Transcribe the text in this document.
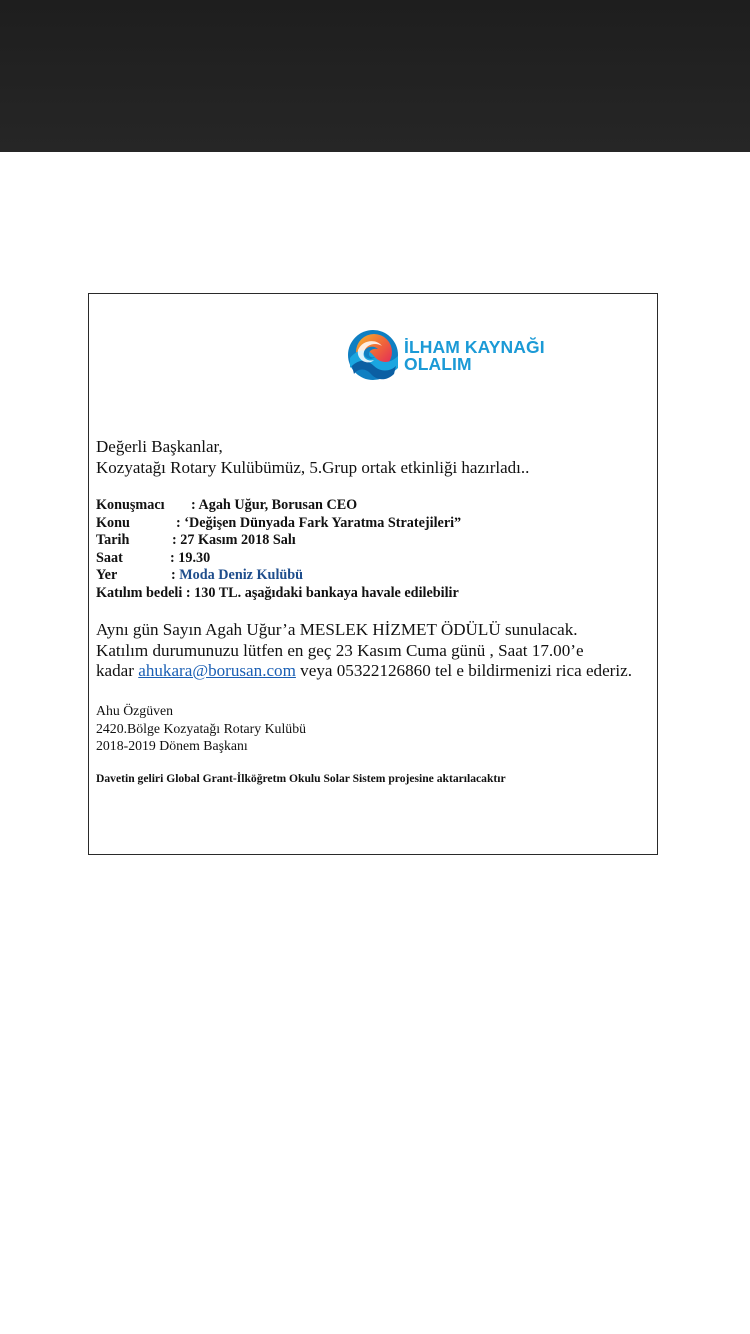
İLHAM KAYNAĞI
OLALIM
Değerli Başkanlar,
Kozyatağı Rotary Kulübümüz, 5.Grup ortak etkinliği hazırladı..
Konuşmacı	: Agah Uğur, Borusan CEO
Konu	: ‘Değişen Dünyada Fark Yaratma Stratejileri”
Tarih	: 27 Kasım 2018 Salı
Saat	: 19.30
Yer	: Moda Deniz Kulübü
Katılım bedeli : 130 TL. aşağıdaki bankaya havale edilebilir
Aynı gün Sayın Agah Uğur’a MESLEK HİZMET ÖDÜLÜ sunulacak.
Katılım durumunuzu lütfen en geç 23 Kasım Cuma günü , Saat 17.00’e
kadar ahukara@borusan.com veya 05322126860 tel e bildirmenizi rica ederiz.
Ahu Özgüven
2420.Bölge Kozyatağı Rotary Kulübü
2018-2019 Dönem Başkanı
Davetin geliri Global Grant-İlköğretm Okulu Solar Sistem projesine aktarılacaktır
